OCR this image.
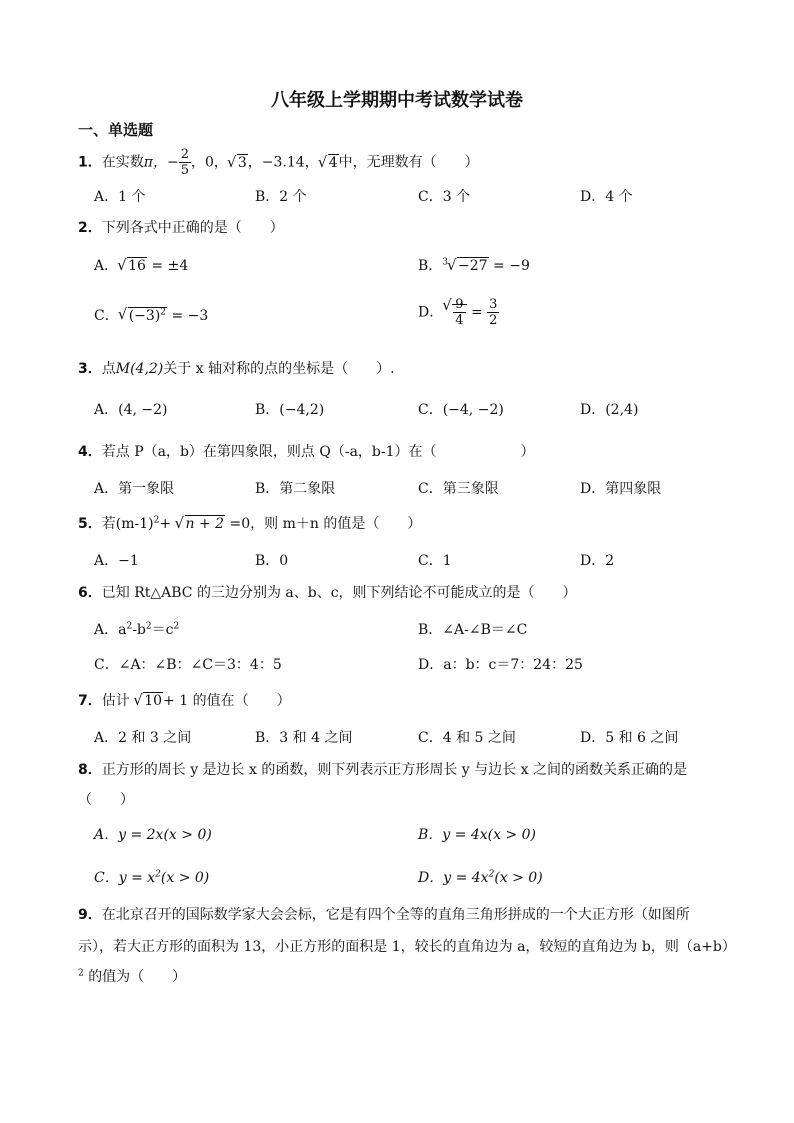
八年级上学期期中考试数学试卷
一、单选题
1．在实数π，− $\frac{2}{5}$ ，0， √ 3，−3.14， √ 4中，无理数有（　　）
A．1 个	B．2 个	C．3 个	D．4 个
2．下列各式中正确的是（　　）
A． √ 16 = ±4	B．$^3$ √ −27 = −9
C． √ $(-3)^2 = -3$	D． √ $\frac{9}{4} = \frac{3}{2}$
3．点M(4,2)关于 x 轴对称的点的坐标是（　　）.
A．(4, −2)	B．(−4,2)	C．(−4, −2)	D．(2,4)
4．若点 P（a，b）在第四象限，则点 Q（-a，b-1）在（　　　　　　）
A．第一象限	B．第二象限	C．第三象限	D．第四象限
5．若$(m-1)^2+$ √ n + 2 =0，则 m＋n 的值是（　　）
A．−1	B．0	C．1	D．2
6．已知 Rt△ABC 的三边分别为 a、b、c，则下列结论不可能成立的是（　　）
A．$a^2-b^2=c^2$	B．∠A-∠B＝∠C
C．∠A：∠B：∠C＝3：4：5	D．a：b：c＝7：24：25
7．估计 √ 10+ 1 的值在（　　）
A．2 和 3 之间	B．3 和 4 之间	C．4 和 5 之间	D．5 和 6 之间
8．正方形的周长 y 是边长 x 的函数，则下列表示正方形周长 y 与边长 x 之间的函数关系正确的是
（　　）
A．y = 2x(x > 0)	B．y = 4x(x > 0)
C．$y = x^2(x > 0)$	D．$y = 4x^2(x > 0)$
9．在北京召开的国际数学家大会会标，它是有四个全等的直角三角形拼成的一个大正方形（如图所
示），若大正方形的面积为 13，小正方形的面积是 1，较长的直角边为 a，较短的直角边为 b，则（a+b）
$^2$ 的值为（　　）
